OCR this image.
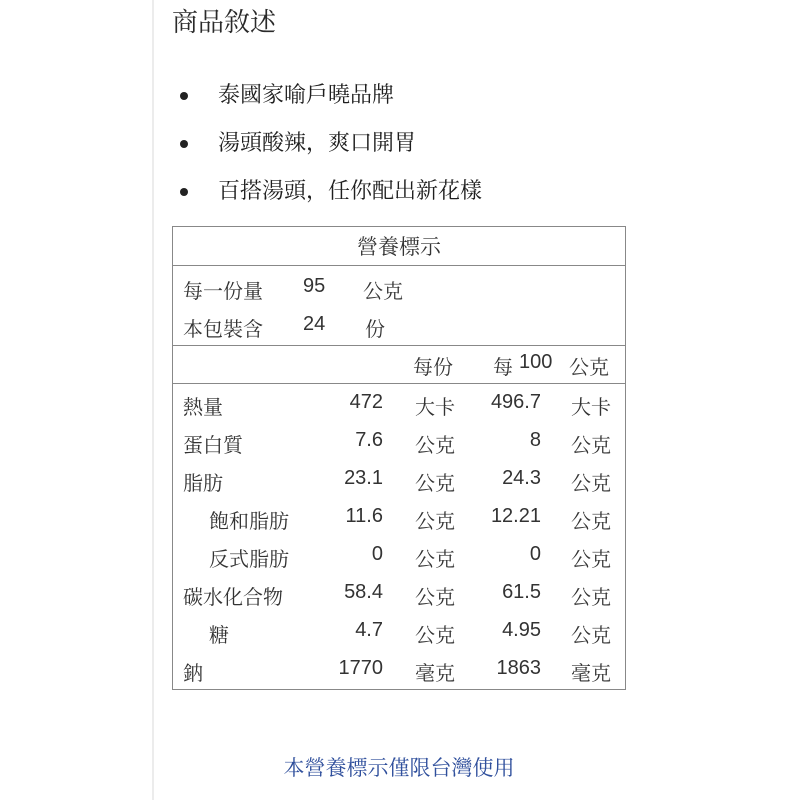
商品敘述
泰國家喻戶曉品牌
湯頭酸辣，爽口開胃
百搭湯頭，任你配出新花樣
營養標示
每一份量 95 公克
本包裝含 24 份
每份 每 100 公克
熱量	472 大卡 496.7 大卡
蛋白質	7.6 公克	8 公克
脂肪	23.1 公克 24.3 公克
飽和脂肪	11.6 公克 12.21 公克
反式脂肪	0 公克	0 公克
碳水化合物	58.4 公克 61.5 公克
糖	4.7 公克 4.95 公克
鈉	1770 毫克 1863 毫克
本營養標示僅限台灣使用
